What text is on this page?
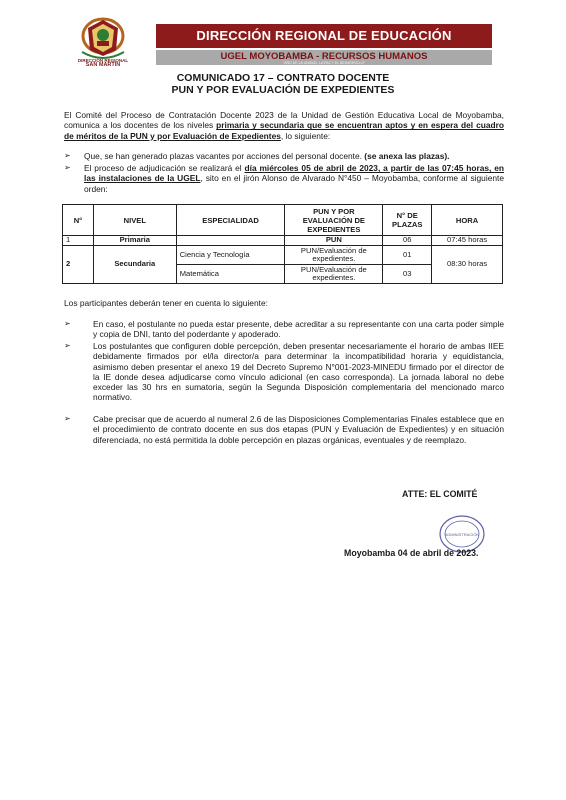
DIRECCIÓN REGIONAL
SAN MARTÍN
DIRECCIÓN REGIONAL DE EDUCACIÓN
UGEL MOYOBAMBA - RECURSOS HUMANOS
"AÑO DE LA UNIDAD, LA PAZ Y EL DESARROLLO"
COMUNICADO 17 – CONTRATO DOCENTE
PUN Y POR EVALUACIÓN DE EXPEDIENTES
El Comité del Proceso de Contratación Docente 2023 de la Unidad de Gestión Educativa Local de Moyobamba, comunica a los docentes de los niveles primaria y secundaria que se encuentran aptos y en espera del cuadro de méritos de la PUN y por Evaluación de Expedientes, lo siguiente:
➢ Que, se han generado plazas vacantes por acciones del personal docente. (se anexa las plazas).
➢ El proceso de adjudicación se realizará el día miércoles 05 de abril de 2023, a partir de las 07:45 horas, en las instalaciones de la UGEL, sito en el jirón Alonso de Alvarado N°450 – Moyobamba, conforme al siguiente orden:
N°	NIVEL	ESPECIALIDAD	PUN Y POR EVALUACIÓN DE EXPEDIENTES	N° DE PLAZAS	HORA
1	Primaria		PUN	06	07:45 horas
2	Secundaria	Ciencia y Tecnología	PUN/Evaluación de expedientes.	01	08:30 horas
		Matemática	PUN/Evaluación de expedientes.	03	
Los participantes deberán tener en cuenta lo siguiente:
➢	En caso, el postulante no pueda estar presente, debe acreditar a su representante con una carta poder simple y copia de DNI, tanto del poderdante y apoderado.
➢	Los postulantes que configuren doble percepción, deben presentar necesariamente el horario de ambas IIEE debidamente firmados por el/la director/a para determinar la incompatibilidad horaria y equidistancia, asimismo deben presentar el anexo 19 del Decreto Supremo N°001-2023-MINEDU firmado por el director de la IE donde desea adjudicarse como vínculo adicional (en caso corresponda). La jornada laboral no debe exceder las 30 hrs en sumatoria, según la Segunda Disposición complementaria del mencionado marco normativo.
➢	Cabe precisar que de acuerdo al numeral 2.6 de las Disposiciones Complementarias Finales establece que en el procedimiento de contrato docente en sus dos etapas (PUN y Evaluación de Expedientes) y en situación diferenciada, no está permitida la doble percepción en plazas orgánicas, eventuales y de reemplazo.
ATTE: EL COMITÉ
ADMINISTRACIÓN
Moyobamba 04 de abril de 2023.
